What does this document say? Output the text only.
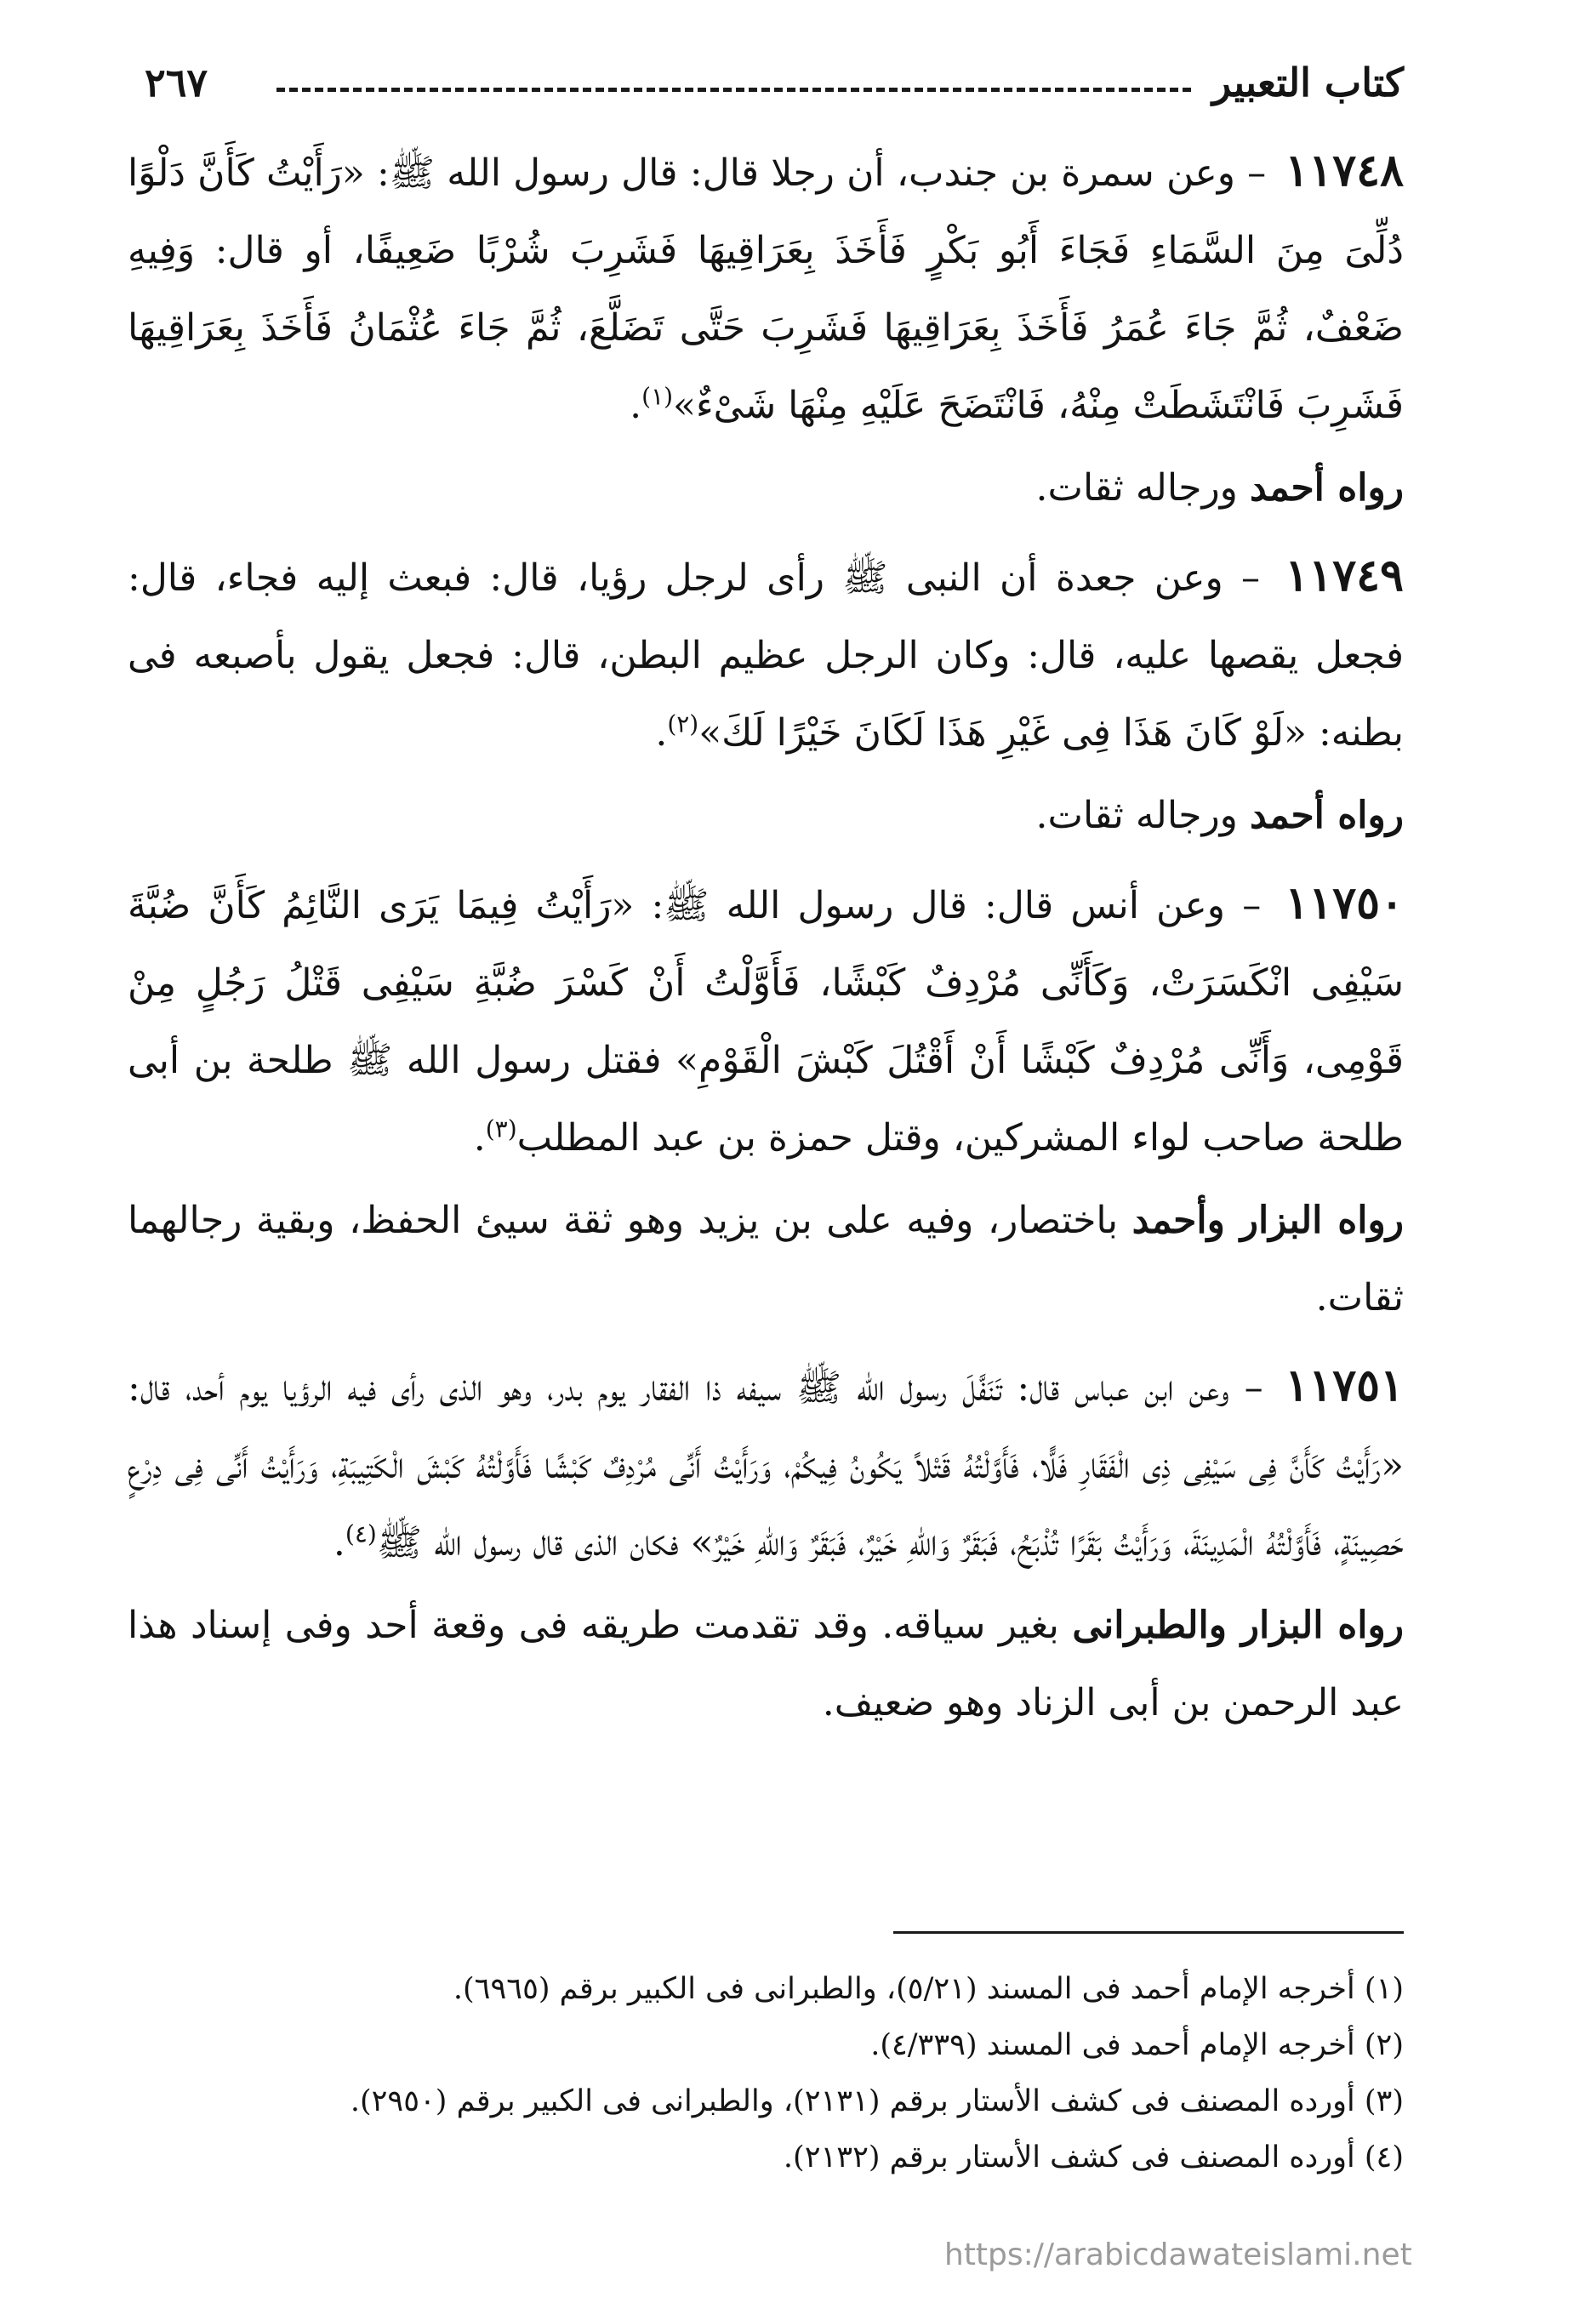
كتاب التعبير
٢٦٧

١١٧٤٨ – وعن سمرة بن جندب، أن رجلا قال: قال رسول الله ﷺ: «رَأَيْتُ كَأَنَّ دَلْوًا دُلِّىَ مِنَ السَّمَاءِ فَجَاءَ أَبُو بَكْرٍ فَأَخَذَ بِعَرَاقِيهَا فَشَرِبَ شُرْبًا ضَعِيفًا، أو قال: وَفِيهِ ضَعْفٌ، ثُمَّ جَاءَ عُمَرُ فَأَخَذَ بِعَرَاقِيهَا فَشَرِبَ حَتَّى تَضَلَّعَ، ثُمَّ جَاءَ عُثْمَانُ فَأَخَذَ بِعَرَاقِيهَا فَشَرِبَ فَانْتَشَطَتْ مِنْهُ، فَانْتَضَحَ عَلَيْهِ مِنْهَا شَىْءٌ»$^{(١)}$.

رواه أحمد ورجاله ثقات.

١١٧٤٩ – وعن جعدة أن النبى ﷺ رأى لرجل رؤيا، قال: فبعث إليه فجاء، قال: فجعل يقصها عليه، قال: وكان الرجل عظيم البطن، قال: فجعل يقول بأصبعه فى بطنه: «لَوْ كَانَ هَذَا فِى غَيْرِ هَذَا لَكَانَ خَيْرًا لَكَ»$^{(٢)}$.

رواه أحمد ورجاله ثقات.

١١٧٥٠ – وعن أنس قال: قال رسول الله ﷺ: «رَأَيْتُ فِيمَا يَرَى النَّائِمُ كَأَنَّ ضُبَّةَ سَيْفِى انْكَسَرَتْ، وَكَأَنِّى مُرْدِفٌ كَبْشًا، فَأَوَّلْتُ أَنْ كَسْرَ ضُبَّةِ سَيْفِى قَتْلُ رَجُلٍ مِنْ قَوْمِى، وَأَنِّى مُرْدِفٌ كَبْشًا أَنْ أَقْتُلَ كَبْشَ الْقَوْمِ» فقتل رسول الله ﷺ طلحة بن أبى طلحة صاحب لواء المشركين، وقتل حمزة بن عبد المطلب$^{(٣)}$.

رواه البزار وأحمد باختصار، وفيه على بن يزيد وهو ثقة سيئ الحفظ، وبقية رجالهما ثقات.

١١٧٥١ – وعن ابن عباس قال: تَنَفَّلَ رسول الله ﷺ سيفه ذا الفقار يوم بدر، وهو الذى رأى فيه الرؤيا يوم أحد، قال: «رَأَيْتُ كَأَنَّ فِى سَيْفِى ذِى الْفَقَارِ فَلًّا، فَأَوَّلْتُهُ قَتْلاً يَكُونُ فِيكُمْ، وَرَأَيْتُ أَنِّى مُرْدِفٌ كَبْشًا فَأَوَّلْتُهُ كَبْشَ الْكَتِيبَةِ، وَرَأَيْتُ أَنِّى فِى دِرْعٍ حَصِينَةٍ، فَأَوَّلْتُهُ الْمَدِينَةَ، وَرَأَيْتُ بَقَرًا تُذْبَحُ، فَبَقَرٌ وَاللهِ خَيْرٌ، فَبَقَرٌ وَاللهِ خَيْرٌ» فكان الذى قال رسول الله ﷺ$^{(٤)}$.

رواه البزار والطبرانى بغير سياقه. وقد تقدمت طريقه فى وقعة أحد وفى إسناد هذا عبد الرحمن بن أبى الزناد وهو ضعيف.

(١) أخرجه الإمام أحمد فى المسند (٥/٢١)، والطبرانى فى الكبير برقم (٦٩٦٥).

(٢) أخرجه الإمام أحمد فى المسند (٤/٣٣٩).

(٣) أورده المصنف فى كشف الأستار برقم (٢١٣١)، والطبرانى فى الكبير برقم (٢٩٥٠).

(٤) أورده المصنف فى كشف الأستار برقم (٢١٣٢).

https://arabicdawateislami.net
